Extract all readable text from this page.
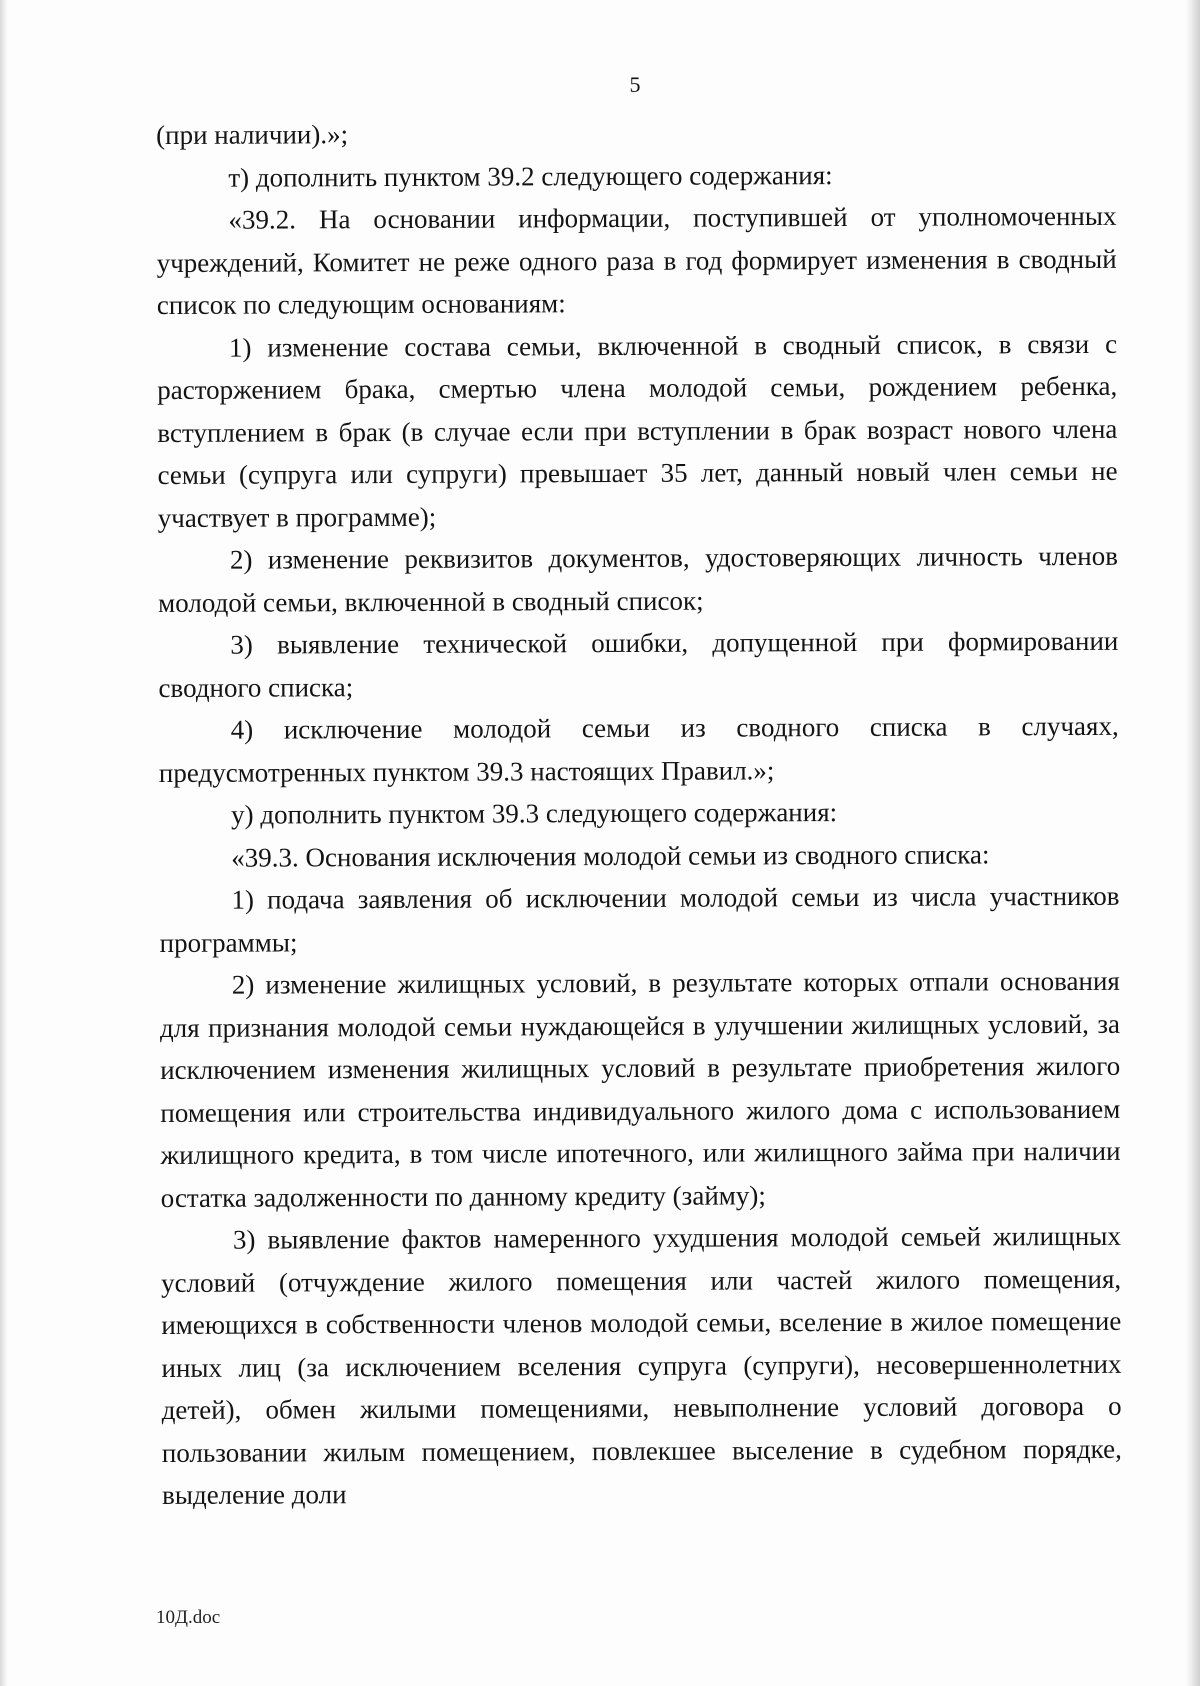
5

(при наличии).»;

т) дополнить пунктом 39.2 следующего содержания:

«39.2. На основании информации, поступившей от уполномоченных учреждений, Комитет не реже одного раза в год формирует изменения в сводный список по следующим основаниям:

1) изменение состава семьи, включенной в сводный список, в связи с расторжением брака, смертью члена молодой семьи, рождением ребенка, вступлением в брак (в случае если при вступлении в брак возраст нового члена семьи (супруга или супруги) превышает 35 лет, данный новый член семьи не участвует в программе);

2) изменение реквизитов документов, удостоверяющих личность членов молодой семьи, включенной в сводный список;

3) выявление технической ошибки, допущенной при формировании сводного списка;

4) исключение молодой семьи из сводного списка в случаях, предусмотренных пунктом 39.3 настоящих Правил.»;

у) дополнить пунктом 39.3 следующего содержания:

«39.3. Основания исключения молодой семьи из сводного списка:

1) подача заявления об исключении молодой семьи из числа участников программы;

2) изменение жилищных условий, в результате которых отпали основания для признания молодой семьи нуждающейся в улучшении жилищных условий, за исключением изменения жилищных условий в результате приобретения жилого помещения или строительства индивидуального жилого дома с использованием жилищного кредита, в том числе ипотечного, или жилищного займа при наличии остатка задолженности по данному кредиту (займу);

3) выявление фактов намеренного ухудшения молодой семьей жилищных условий (отчуждение жилого помещения или частей жилого помещения, имеющихся в собственности членов молодой семьи, вселение в жилое помещение иных лиц (за исключением вселения супруга (супруги), несовершеннолетних детей), обмен жилыми помещениями, невыполнение условий договора о пользовании жилым помещением, повлекшее выселение в судебном порядке, выделение доли

10Д.doc
